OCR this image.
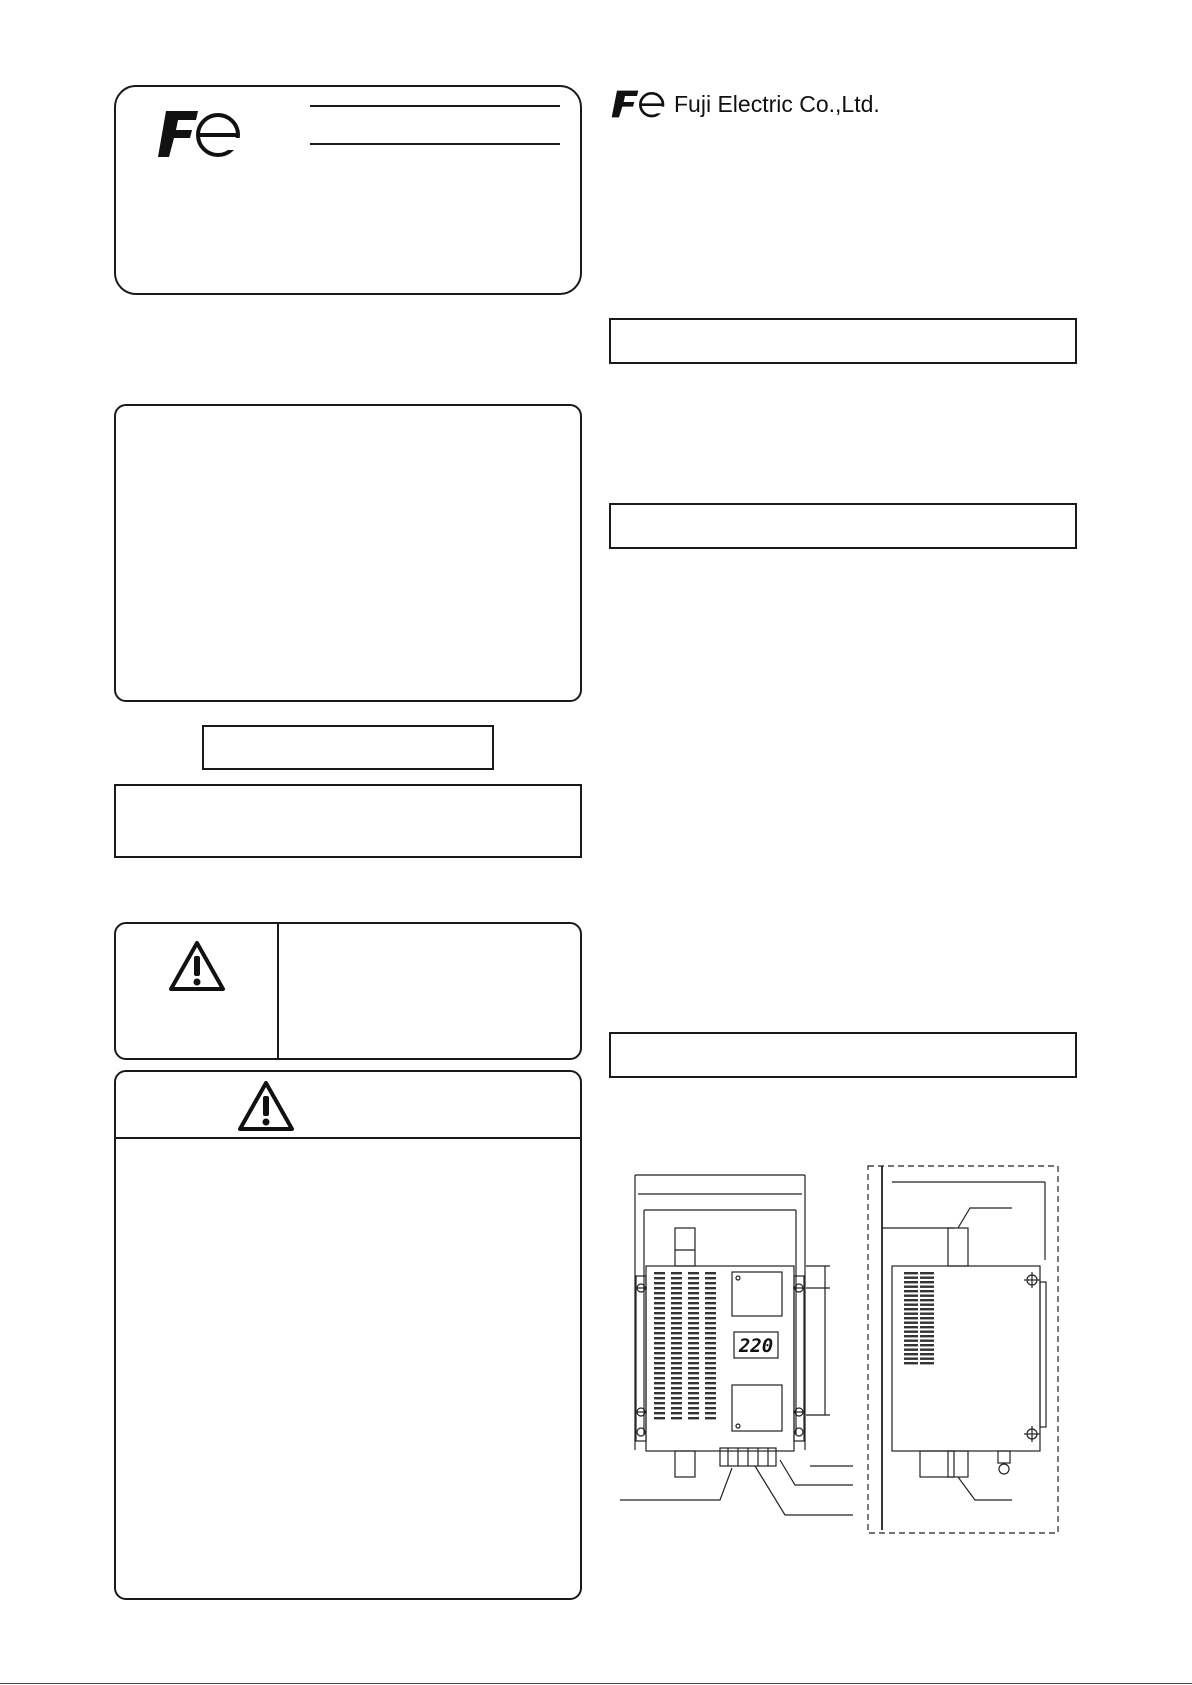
Fuji Electric Co.,Ltd.
220
